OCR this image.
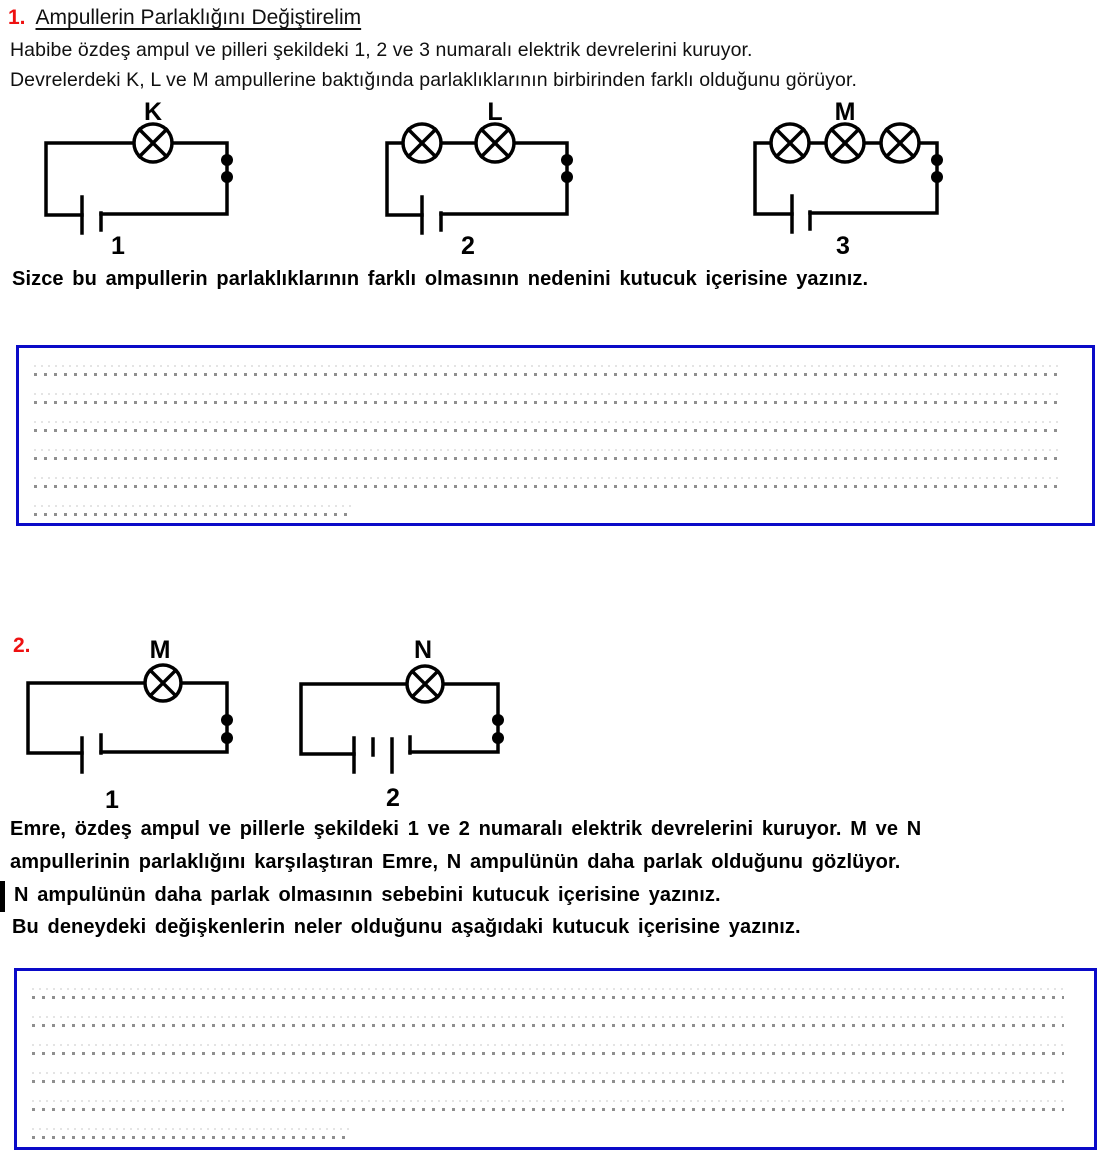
1. Ampullerin Parlaklığını Değiştirelim
Habibe özdeş ampul ve pilleri şekildeki 1, 2 ve 3 numaralı elektrik devrelerini kuruyor.
Devrelerdeki K, L ve M ampullerine baktığında parlaklıklarının birbirinden farklı olduğunu görüyor.
K
1
L
2
M
3
Sizce bu ampullerin parlaklıklarının farklı olmasının nedenini kutucuk içerisine yazınız.
2.	M
1
N
2
Emre, özdeş ampul ve pillerle şekildeki 1 ve 2 numaralı elektrik devrelerini kuruyor. M ve N
ampullerinin parlaklığını karşılaştıran Emre, N ampulünün daha parlak olduğunu gözlüyor.
N ampulünün daha parlak olmasının sebebini kutucuk içerisine yazınız.
Bu deneydeki değişkenlerin neler olduğunu aşağıdaki kutucuk içerisine yazınız.
